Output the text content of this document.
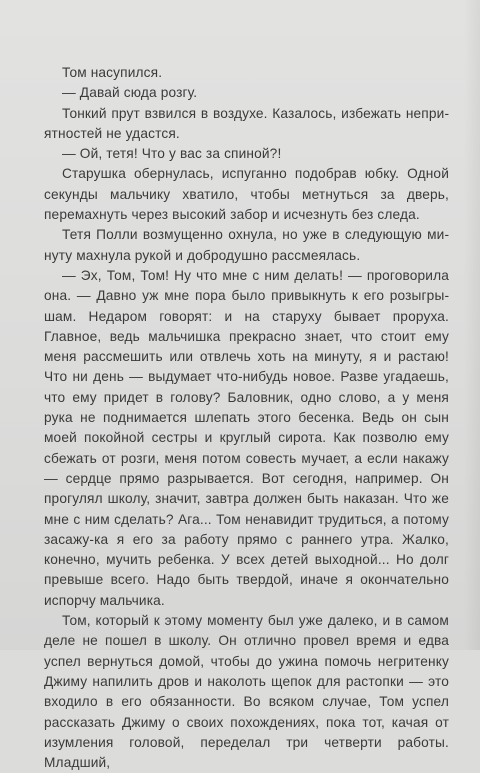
Том насупился.

— Давай сюда розгу.

Тонкий прут взвился в воздухе. Казалось, избежать неприятностей не удастся.

— Ой, тетя! Что у вас за спиной?!

Старушка обернулась, испуганно подобрав юбку. Одной секунды мальчику хватило, чтобы метнуться за дверь, перемахнуть через высокий забор и исчезнуть без следа.

Тетя Полли возмущенно охнула, но уже в следующую минуту махнула рукой и добродушно рассмеялась.

— Эх, Том, Том! Ну что мне с ним делать! — проговорила она. — Давно уж мне пора было привыкнуть к его розыгрышам. Недаром говорят: и на старуху бывает проруха. Главное, ведь мальчишка прекрасно знает, что стоит ему меня рассмешить или отвлечь хоть на минуту, я и растаю! Что ни день — выдумает что-нибудь новое. Разве угадаешь, что ему придет в голову? Баловник, одно слово, а у меня рука не поднимается шлепать этого бесенка. Ведь он сын моей покойной сестры и круглый сирота. Как позволю ему сбежать от розги, меня потом совесть мучает, а если накажу — сердце прямо разрывается. Вот сегодня, например. Он прогулял школу, значит, завтра должен быть наказан. Что же мне с ним сделать? Ага... Том ненавидит трудиться, а потому засажу-ка я его за работу прямо с раннего утра. Жалко, конечно, мучить ребенка. У всех детей выходной... Но долг превыше всего. Надо быть твердой, иначе я окончательно испорчу мальчика.

Том, который к этому моменту был уже далеко, и в самом деле не пошел в школу. Он отлично провел время и едва успел вернуться домой, чтобы до ужина помочь негритенку Джиму напилить дров и наколоть щепок для растопки — это входило в его обязанности. Во всяком случае, Том успел рассказать Джиму о своих похождениях, пока тот, качая от изумления головой, переделал три четверти работы. Младший,
